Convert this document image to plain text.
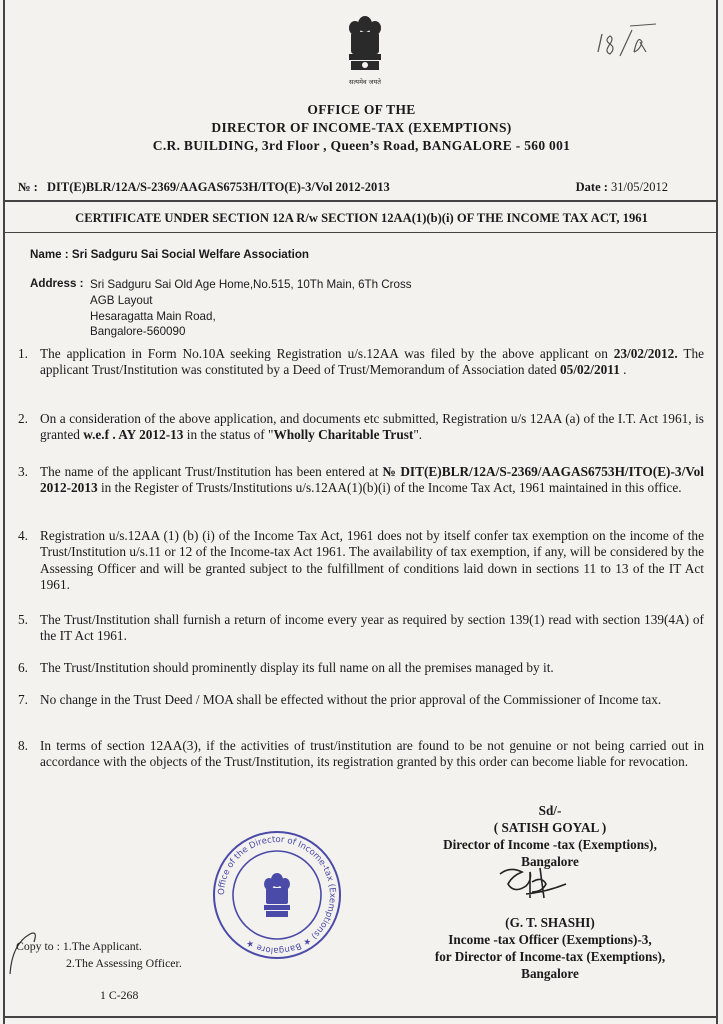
सत्यमेव जयते
OFFICE OF THE
DIRECTOR OF INCOME-TAX (EXEMPTIONS)
C.R. BUILDING, 3rd Floor , Queen’s Road, BANGALORE - 560 001
№ : DIT(E)BLR/12A/S-2369/AAGAS6753H/ITO(E)-3/Vol 2012-2013	Date : 31/05/2012
CERTIFICATE UNDER SECTION 12A R/w SECTION 12AA(1)(b)(i) OF THE INCOME TAX ACT, 1961
Name : Sri Sadguru Sai Social Welfare Association
Address : Sri Sadguru Sai Old Age Home,No.515, 10Th Main, 6Th Cross
AGB Layout
Hesaragatta Main Road,
Bangalore-560090
1. The application in Form No.10A seeking Registration u/s.12AA was filed by the above applicant on 23/02/2012. The applicant Trust/Institution was constituted by a Deed of Trust/Memorandum of Association dated 05/02/2011 .
2. On a consideration of the above application, and documents etc submitted, Registration u/s 12AA (a) of the I.T. Act 1961, is granted w.e.f . AY 2012-13 in the status of "Wholly Charitable Trust".
3. The name of the applicant Trust/Institution has been entered at № DIT(E)BLR/12A/S-2369/AAGAS6753H/ITO(E)-3/Vol 2012-2013 in the Register of Trusts/Institutions u/s.12AA(1)(b)(i) of the Income Tax Act, 1961 maintained in this office.
4. Registration u/s.12AA (1) (b) (i) of the Income Tax Act, 1961 does not by itself confer tax exemption on the income of the Trust/Institution u/s.11 or 12 of the Income-tax Act 1961. The availability of tax exemption, if any, will be considered by the Assessing Officer and will be granted subject to the fulfillment of conditions laid down in sections 11 to 13 of the IT Act 1961.
5. The Trust/Institution shall furnish a return of income every year as required by section 139(1) read with section 139(4A) of the IT Act 1961.
6. The Trust/Institution should prominently display its full name on all the premises managed by it.
7. No change in the Trust Deed / MOA shall be effected without the prior approval of the Commissioner of Income tax.
8. In terms of section 12AA(3), if the activities of trust/institution are found to be not genuine or not being carried out in accordance with the objects of the Trust/Institution, its registration granted by this order can become liable for revocation.
Sd/-
( SATISH GOYAL )
Director of Income -tax (Exemptions),
Bangalore
(G. T. SHASHI)
Income -tax Officer (Exemptions)-3,
for Director of Income-tax (Exemptions),
Bangalore
Office of the Director of Income-tax (Exemptions) ★ Bangalore ★
Copy to : 1.The Applicant.
2.The Assessing Officer.
1 C-268
